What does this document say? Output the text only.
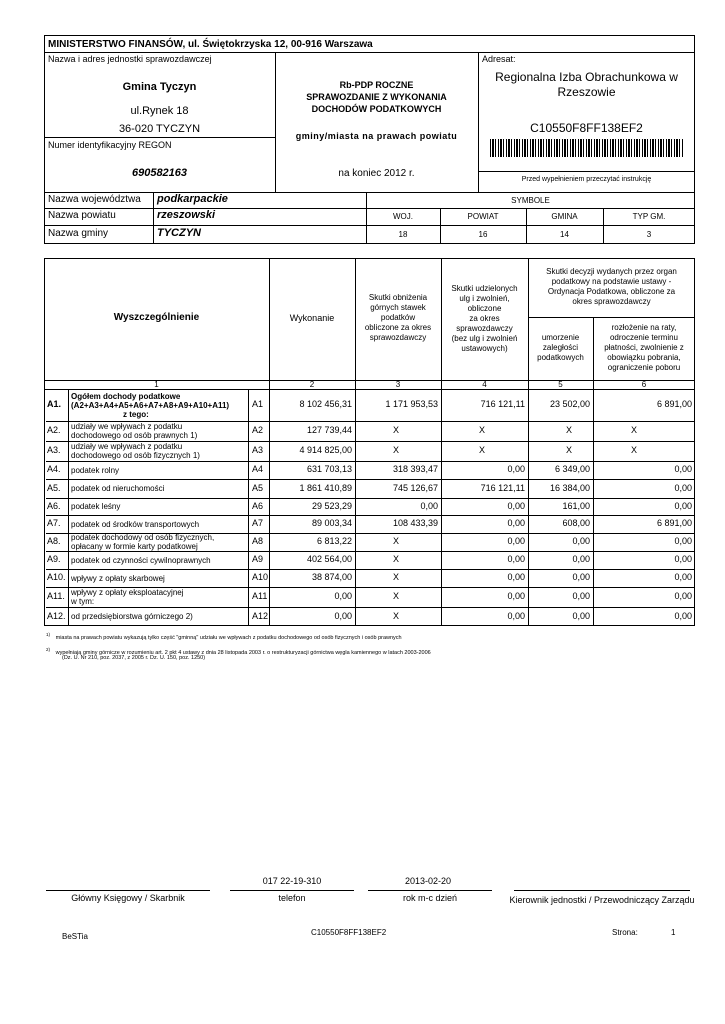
MINISTERSTWO FINANSÓW, ul. Świętokrzyska 12, 00-916 Warszawa
Nazwa i adres jednostki sprawozdawczej
Gmina Tyczyn
ul.Rynek 18
36-020 TYCZYN
Numer identyfikacyjny REGON
690582163
Rb-PDP ROCZNE
SPRAWOZDANIE Z WYKONANIA
DOCHODÓW PODATKOWYCH
gminy/miasta na prawach powiatu
na koniec 2012 r.
Adresat:
Regionalna Izba Obrachunkowa w
Rzeszowie
C10550F8FF138EF2
Przed wypełnieniem przeczytać instrukcję
Nazwa województwa podkarpackie
Nazwa powiatu	rzeszowski
Nazwa gminy	TYCZYN
SYMBOLE
WOJ.	POWIAT	GMINA	TYP GM.
18	16	14	3
Wyszczególnienie	Wykonanie
Skutki obniżenia
górnych stawek
podatków
obliczone za okres
sprawozdawczy
Skutki udzielonych
ulg i zwolnień,
obliczone
za okres
sprawozdawczy
(bez ulg i zwolnień
ustawowych)
Skutki decyzji wydanych przez organ
podatkowy na podstawie ustawy -
Ordynacja Podatkowa, obliczone za
okres sprawozdawczy
umorzenie
zaległości
podatkowych
rozłożenie na raty,
odroczenie terminu
płatności, zwolnienie z
obowiązku pobrania,
ograniczenie poboru
1	2	3	4	5	6
A1.
Ogółem dochody podatkowe
(A2+A3+A4+A5+A6+A7+A8+A9+A10+A11)
z tego:
A1	8 102 456,31	1 171 953,53	716 121,11	23 502,00	6 891,00
A2. udziały we wpływach z podatku
dochodowego od osób prawnych 1)
A2	127 739,44	X	X	X	X
A3. udziały we wpływach z podatku
dochodowego od osób fizycznych 1)
A3	4 914 825,00	X	X	X	X
A4. podatek rolny	A4	631 703,13	318 393,47	0,00	6 349,00	0,00
A5. podatek od nieruchomości	A5	1 861 410,89	745 126,67	716 121,11	16 384,00	0,00
A6. podatek leśny	A6	29 523,29	0,00	0,00	161,00	0,00
A7. podatek od środków transportowych	A7	89 003,34	108 433,39	0,00	608,00	6 891,00
A8. podatek dochodowy od osób fizycznych,
opłacany w formie karty podatkowej
A8	6 813,22	X	0,00	0,00	0,00
A9. podatek od czynności cywilnoprawnych	A9	402 564,00	X	0,00	0,00	0,00
A10. wpływy z opłaty skarbowej	A10	38 874,00	X	0,00	0,00	0,00
A11. wpływy z opłaty eksploatacyjnej
w tym:
A11	0,00	X	0,00	0,00	0,00
A12. od przedsiębiorstwa górniczego 2)	A12	0,00	X	0,00	0,00	0,00
$^{1)}$ miasta na prawach powiatu wykazują tylko część "gminną" udziału we wpływach z podatku dochodowego od osób fizycznych i osób prawnych
$^{2)}$ wypełniają gminy górnicze w rozumieniu art. 2 pkt 4 ustawy z dnia 28 listopada 2003 r. o restrukturyzacji górnictwa węgla kamiennego w latach 2003-2006
(Dz. U. Nr 210, poz. 2037, z 2005 r. Dz. U. 150, poz. 1250)
017 22-19-310	2013-02-20
Główny Księgowy / Skarbnik	telefon	rok m-c dzień	Kierownik jednostki / Przewodniczący Zarządu
BeSTia	C10550F8FF138EF2	Strona:	1
